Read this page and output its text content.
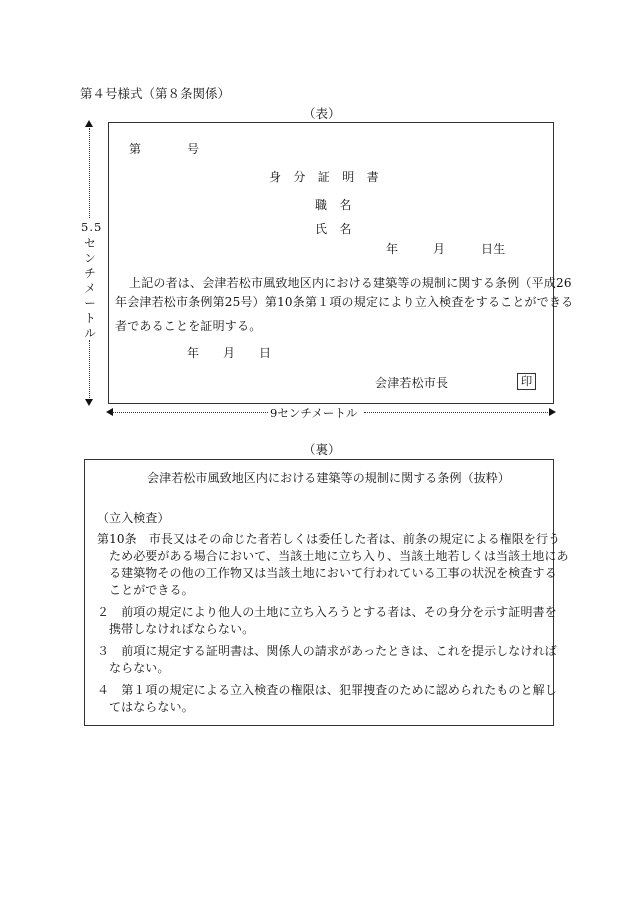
第４号様式（第８条関係）
（表）
5.5
センチメートル
第	号
身　分　証　明　書
職　名
氏　名
年	月	日生
上記の者は、会津若松市風致地区内における建築等の規制に関する条例（平成26
年会津若松市条例第25号）第10条第１項の規定により立入検査をすることができる
者であることを証明する。
年 月 日
会津若松市長	印
9センチメートル
（裏）
会津若松市風致地区内における建築等の規制に関する条例（抜粋）
（立入検査）
第10条　市長又はその命じた者若しくは委任した者は、前条の規定による権限を行う
ため必要がある場合において、当該土地に立ち入り、当該土地若しくは当該土地にあ
る建築物その他の工作物又は当該土地において行われている工事の状況を検査する
ことができる。
２　前項の規定により他人の土地に立ち入ろうとする者は、その身分を示す証明書を
携帯しなければならない。
３　前項に規定する証明書は、関係人の請求があったときは、これを提示しなければ
ならない。
４　第１項の規定による立入検査の権限は、犯罪捜査のために認められたものと解し
てはならない。
